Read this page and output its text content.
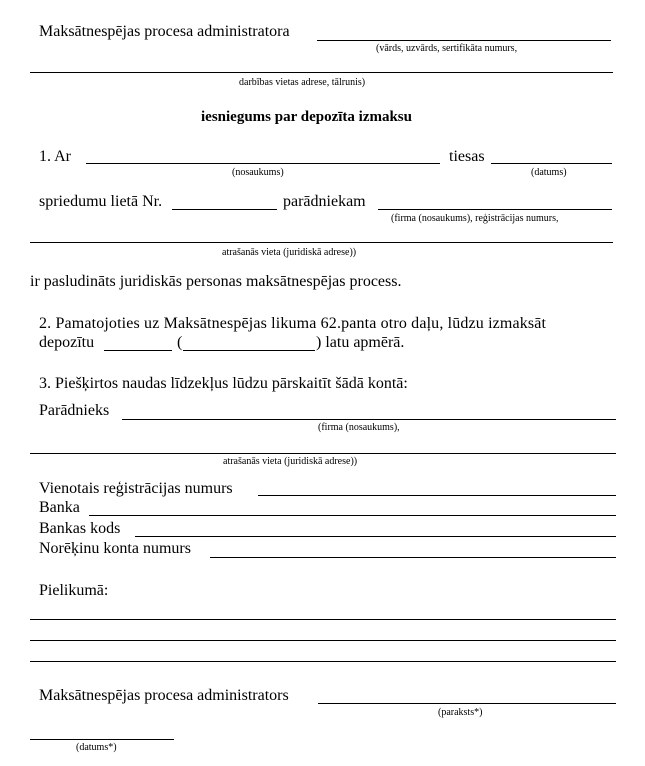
Maksātnespējas procesa administratora
(vārds, uzvārds, sertifikāta numurs,
darbības vietas adrese, tālrunis)
iesniegums par depozīta izmaksu
1. Ar
(nosaukums)
tiesas
(datums)
spriedumu lietā Nr.	parādniekam
(firma (nosaukums), reģistrācijas numurs,
atrašanās vieta (juridiskā adrese))
ir pasludināts juridiskās personas maksātnespējas process.
2. Pamatojoties uz Maksātnespējas likuma 62.panta otro daļu, lūdzu izmaksāt
depozītu	(	) latu apmērā.
3. Piešķirtos naudas līdzekļus lūdzu pārskaitīt šādā kontā:
Parādnieks
(firma (nosaukums),
atrašanās vieta (juridiskā adrese))
Vienotais reģistrācijas numurs
Banka
Bankas kods
Norēķinu konta numurs
Pielikumā:
Maksātnespējas procesa administrators
(paraksts*)
(datums*)
